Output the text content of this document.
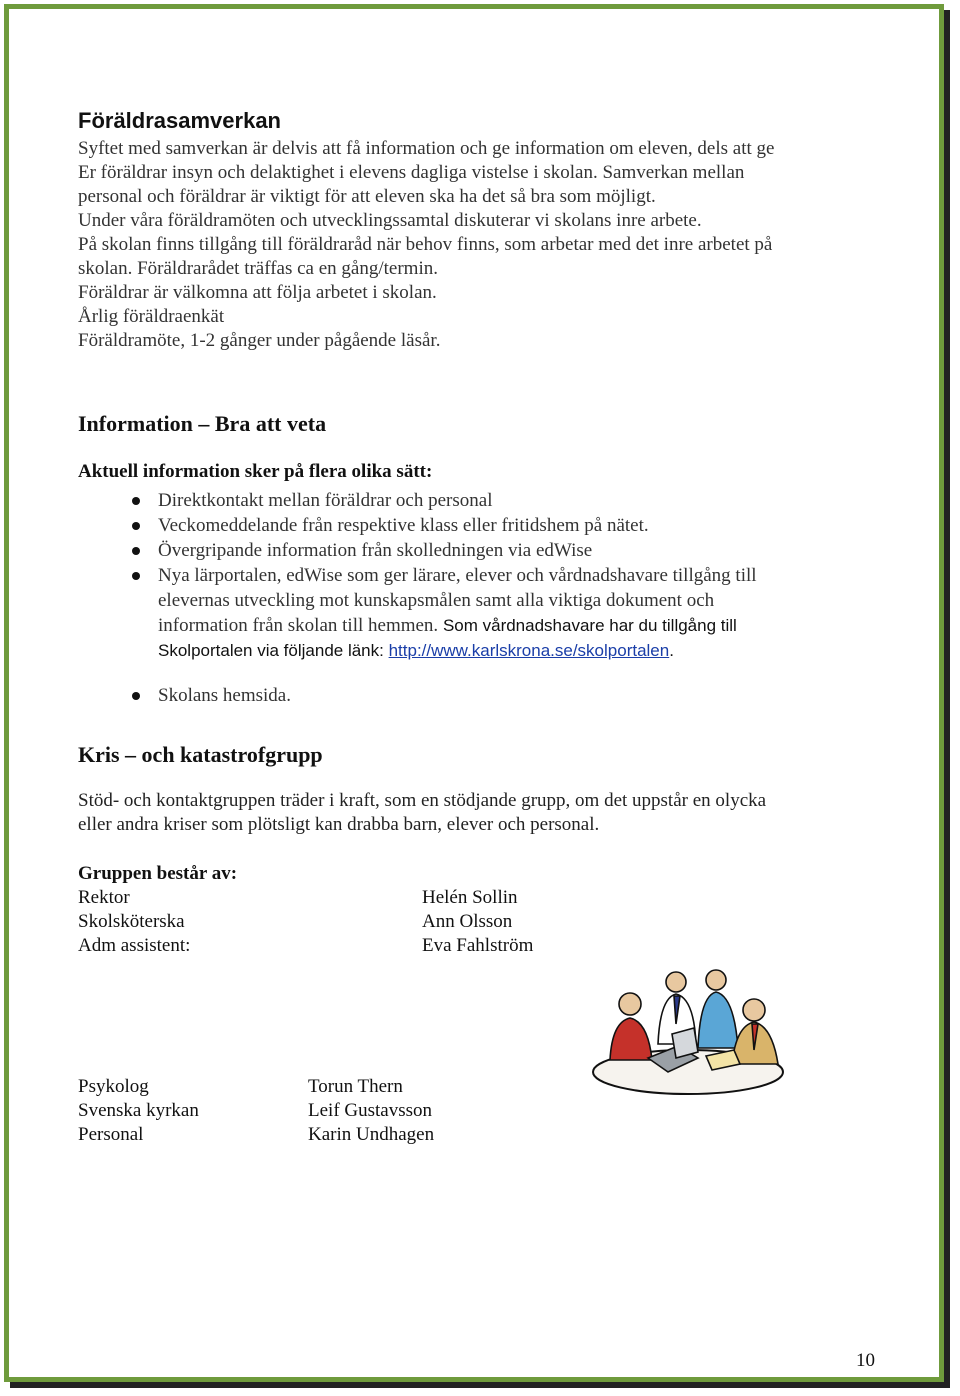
Föräldrasamverkan
Syftet med samverkan är delvis att få information och ge information om eleven, dels att ge
Er föräldrar insyn och delaktighet i elevens dagliga vistelse i skolan. Samverkan mellan
personal och föräldrar är viktigt för att eleven ska ha det så bra som möjligt.
Under våra föräldramöten och utvecklingssamtal diskuterar vi skolans inre arbete.
På skolan finns tillgång till föräldraråd när behov finns, som arbetar med det inre arbetet på
skolan. Föräldrarådet träffas ca en gång/termin.
Föräldrar är välkomna att följa arbetet i skolan.
Årlig föräldraenkät
Föräldramöte, 1-2 gånger under pågående läsår.
Information – Bra att veta
Aktuell information sker på flera olika sätt:
Direktkontakt mellan föräldrar och personal
Veckomeddelande från respektive klass eller fritidshem på nätet.
Övergripande information från skolledningen via edWise
Nya lärportalen, edWise som ger lärare, elever och vårdnadshavare tillgång till
elevernas utveckling mot kunskapsmålen samt alla viktiga dokument och
information från skolan till hemmen. Som vårdnadshavare har du tillgång till
Skolportalen via följande länk: http://www.karlskrona.se/skolportalen.
Skolans hemsida.
Kris – och katastrofgrupp
Stöd- och kontaktgruppen träder i kraft, som en stödjande grupp, om det uppstår en olycka
eller andra kriser som plötsligt kan drabba barn, elever och personal.
Gruppen består av:
Rektor
Skolsköterska
Adm assistent:
Helén Sollin
Ann Olsson
Eva Fahlström
Psykolog
Svenska kyrkan
Personal
Torun Thern
Leif Gustavsson
Karin Undhagen
10
